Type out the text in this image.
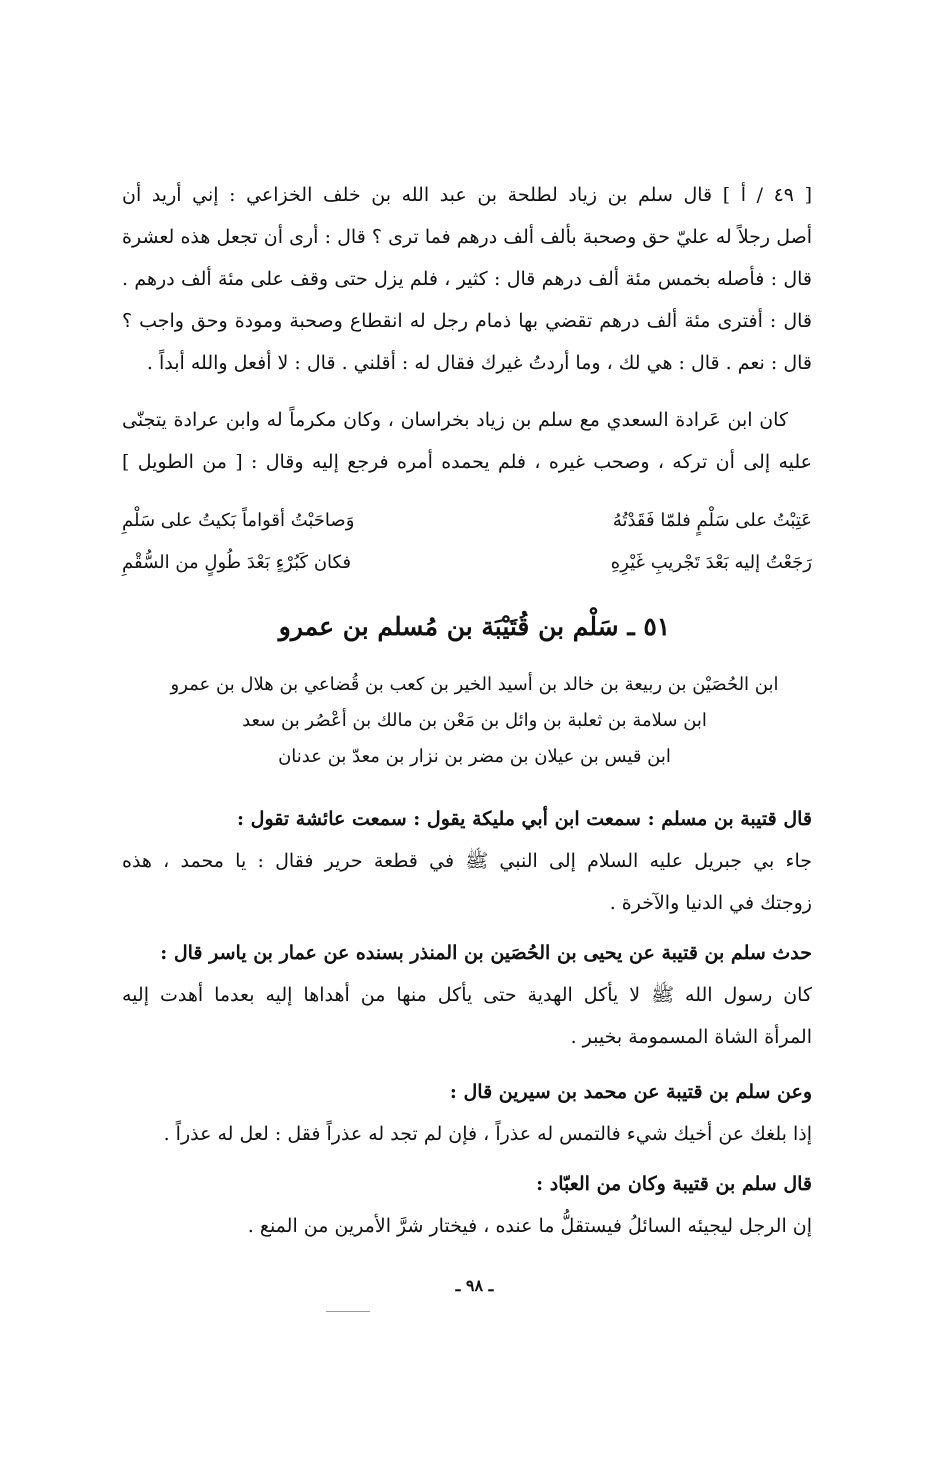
[ ٤٩ / أ ] قال سلم بن زياد لطلحة بن عبد الله بن خلف الخزاعي : إني أريد أن
أصل رجلاً له عليّ حق وصحبة بألف ألف درهم فما ترى ؟ قال : أرى أن تجعل هذه لعشرة
قال : فأصله بخمس مئة ألف درهم قال : كثير ، فلم يزل حتى وقف على مئة ألف درهم .
قال : أفترى مئة ألف درهم تقضي بها ذمام رجل له انقطاع وصحبة ومودة وحق واجب ؟
قال : نعم . قال : هي لك ، وما أردتُ غيرك فقال له : أقلني . قال : لا أفعل والله أبداً .
كان ابن عَرادة السعدي مع سلم بن زياد بخراسان ، وكان مكرماً له وابن عرادة يتجنّى
عليه إلى أن تركه ، وصحب غيره ، فلم يحمده أمره فرجع إليه وقال : [ من الطويل ]
عَتِبْتُ على سَلْمٍ فلمّا فَقَدْتُهُ
وَصاحَبْتُ أقواماً بَكيتُ على سَلْمِ
رَجَعْتُ إليه بَعْدَ تَجْريبِ غَيْرِهِ
فكان كَبُرْءٍ بَعْدَ طُولٍ من السُّقْمِ
٥١ ـ سَلْم بن قُتَيْبَة بن مُسلم بن عمرو
ابن الحُصَيْن بن ربيعة بن خالد بن أسيد الخير بن كعب بن قُضاعي بن هلال بن عمرو
ابن سلامة بن ثعلبة بن وائل بن مَعْن بن مالك بن أعْصُر بن سعد
ابن قيس بن عيلان بن مضر بن نزار بن معدّ بن عدنان
قال قتيبة بن مسلم : سمعت ابن أبي مليكة يقول : سمعت عائشة تقول :
جاء بي جبريل عليه السلام إلى النبي ﷺ في قطعة حرير فقال : يا محمد ، هذه
زوجتك في الدنيا والآخرة .
حدث سلم بن قتيبة عن يحيى بن الحُصَين بن المنذر بسنده عن عمار بن ياسر قال :
كان رسول الله ﷺ لا يأكل الهدية حتى يأكل منها من أهداها إليه بعدما أهدت إليه
المرأة الشاة المسمومة بخيبر .
وعن سلم بن قتيبة عن محمد بن سيرين قال :
إذا بلغك عن أخيك شيء فالتمس له عذراً ، فإن لم تجد له عذراً فقل : لعل له عذراً .
قال سلم بن قتيبة وكان من العبّاد :
إن الرجل ليجيئه السائلُ فيستقلُّ ما عنده ، فيختار شرَّ الأمرين من المنع .
ـ ٩٨ ـ
